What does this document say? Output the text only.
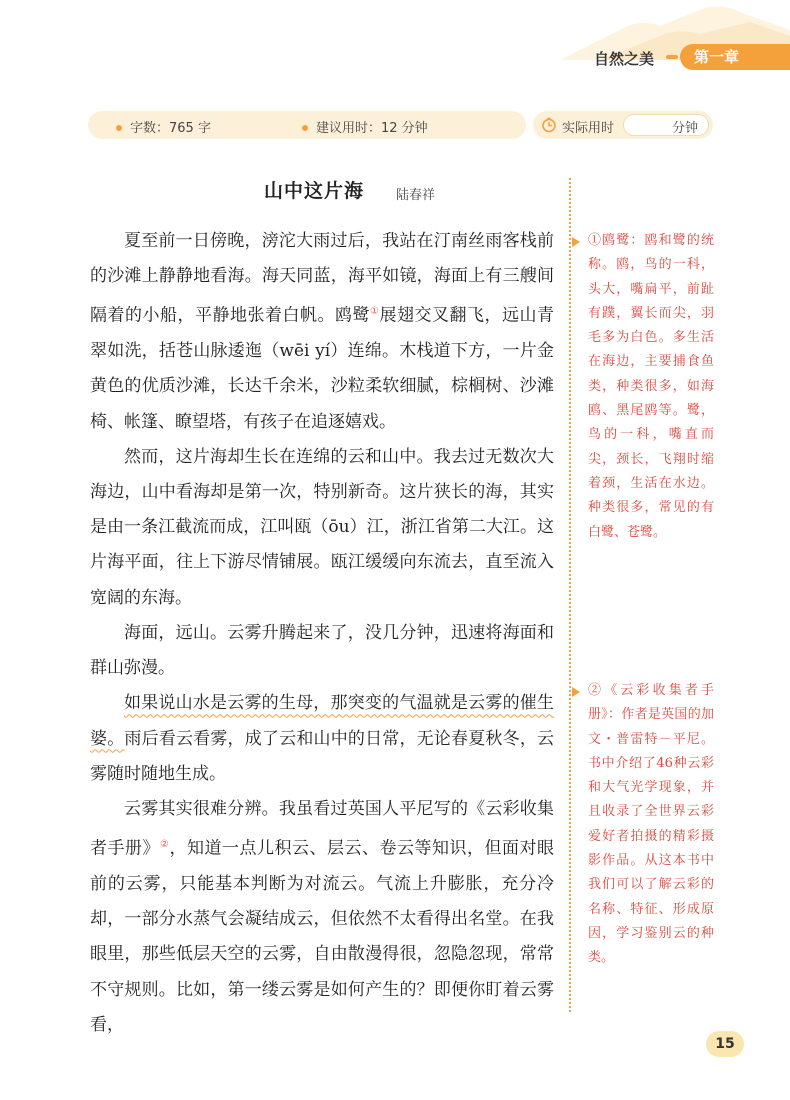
自然之美	第一章
字数：765 字	建议用时：12 分钟	实际用时	分钟
山中这片海 陆春祥

夏至前一日傍晚，滂沱大雨过后，我站在汀南丝雨客栈前的沙滩上静静地看海。海天同蓝，海平如镜，海面上有三艘间隔着的小船，平静地张着白帆。鸥鹭①展翅交叉翻飞，远山青翠如洗，括苍山脉逶迤（wēi yí）连绵。木栈道下方，一片金黄色的优质沙滩，长达千余米，沙粒柔软细腻，棕榈树、沙滩椅、帐篷、瞭望塔，有孩子在追逐嬉戏。

然而，这片海却生长在连绵的云和山中。我去过无数次大海边，山中看海却是第一次，特别新奇。这片狭长的海，其实是由一条江截流而成，江叫瓯（ōu）江，浙江省第二大江。这片海平面，往上下游尽情铺展。瓯江缓缓向东流去，直至流入宽阔的东海。

海面，远山。云雾升腾起来了，没几分钟，迅速将海面和群山弥漫。

如果说山水是云雾的生母，那突变的气温就是云雾的催生婆。雨后看云看雾，成了云和山中的日常，无论春夏秋冬，云雾随时随地生成。

云雾其实很难分辨。我虽看过英国人平尼写的《云彩收集者手册》②，知道一点儿积云、层云、卷云等知识，但面对眼前的云雾，只能基本判断为对流云。气流上升膨胀，充分冷却，一部分水蒸气会凝结成云，但依然不太看得出名堂。在我眼里，那些低层天空的云雾，自由散漫得很，忽隐忽现，常常不守规则。比如，第一缕云雾是如何产生的？即便你盯着云雾看，

①鸥鹭：鸥和鹭的统称。鸥，鸟的一科，头大，嘴扁平，前趾有蹼，翼长而尖，羽毛多为白色。多生活在海边，主要捕食鱼类，种类很多，如海鸥、黑尾鸥等。鹭，鸟的一科，嘴直而尖，颈长，飞翔时缩着颈，生活在水边。种类很多，常见的有白鹭、苍鹭。
②《云彩收集者手册》：作者是英国的加文・普雷特－平尼。书中介绍了46种云彩和大气光学现象，并且收录了全世界云彩爱好者拍摄的精彩摄影作品。从这本书中我们可以了解云彩的名称、特征、形成原因，学习鉴别云的种类。
15
